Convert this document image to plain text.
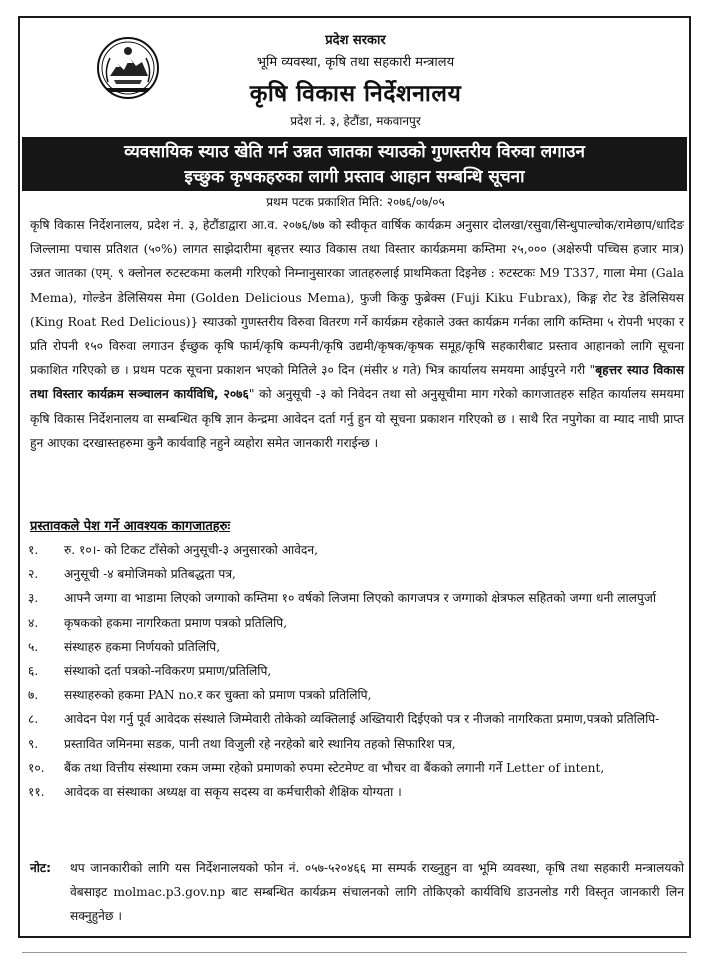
प्रदेश सरकार
भूमि व्यवस्था, कृषि तथा सहकारी मन्त्रालय
कृषि विकास निर्देशनालय
प्रदेश नं. ३, हेटौंडा, मकवानपुर
व्यवसायिक स्याउ खेति गर्न उन्नत जातका स्याउको गुणस्तरीय विरुवा लगाउन
इच्छुक कृषकहरुका लागी प्रस्ताव आहान सम्बन्धि सूचना
प्रथम पटक प्रकाशित मिति: २०७६/०७/०५
कृषि विकास निर्देशनालय, प्रदेश नं. ३, हेटौंडाद्वारा आ.व. २०७६/७७ को स्वीकृत वार्षिक कार्यक्रम अनुसार दोलखा/रसुवा/सिन्धुपाल्चोक/रामेछाप/धादिङ जिल्लामा पचास प्रतिशत (५०%) लागत साझेदारीमा बृहत्तर स्याउ विकास तथा विस्तार कार्यक्रममा कम्तिमा २५,००० (अक्षेरुपी पच्चिस हजार मात्र) उन्नत जातका (एम्. ९ क्लोनल रुटस्टकमा कलमी गरिएको निम्नानुसारका जातहरुलाई प्राथमिकता दिइनेछ : रुटस्टकः M9 T337, गाला मेमा (Gala Mema), गोल्डेन डेलिसियस मेमा (Golden Delicious Mema), फुजी किकु फुब्रेक्स (Fuji Kiku Fubrax), किङ्ग रोट रेड डेलिसियस (King Roat Red Delicious)} स्याउको गुणस्तरीय विरुवा वितरण गर्ने कार्यक्रम रहेकाले उक्त कार्यक्रम गर्नका लागि कम्तिमा ५ रोपनी भएका र प्रति रोपनी १५० विरुवा लगाउन ईच्छुक कृषि फार्म/कृषि कम्पनी/कृषि उद्यमी/कृषक/कृषक समूह/कृषि सहकारीबाट प्रस्ताव आहानको लागि सूचना प्रकाशित गरिएको छ । प्रथम पटक सूचना प्रकाशन भएको मितिले ३० दिन (मंसीर ४ गते) भित्र कार्यालय समयमा आईपुरने गरी "बृहत्तर स्याउ विकास तथा विस्तार कार्यक्रम सञ्चालन कार्यविधि, २०७६" को अनुसूची -३ को निवेदन तथा सो अनुसूचीमा माग गरेको कागजातहरु सहित कार्यालय समयमा कृषि विकास निर्देशनालय वा सम्बन्धित कृषि ज्ञान केन्द्रमा आवेदन दर्ता गर्नु हुन यो सूचना प्रकाशन गरिएको छ । साथै रित नपुगेका वा म्याद नाघी प्राप्त हुन आएका दरखास्तहरुमा कुनै कार्यवाहि नहुने व्यहोरा समेत जानकारी गराईन्छ ।
प्रस्तावकले पेश गर्ने आवश्यक कागजातहरुः
१.	रु. १०।- को टिकट टाँसेको अनुसूची-३ अनुसारको आवेदन,
२.	अनुसूची -४ बमोजिमको प्रतिबद्धता पत्र,
३.	आफ्नै जग्गा वा भाडामा लिएको जग्गाको कम्तिमा १० वर्षको लिजमा लिएको कागजपत्र र जग्गाको क्षेत्रफल सहितको जग्गा धनी लालपुर्जा
४.	कृषकको हकमा नागरिकता प्रमाण पत्रको प्रतिलिपि,
५.	संस्थाहरु हकमा निर्णयको प्रतिलिपि,
६.	संस्थाको दर्ता पत्रको-नविकरण प्रमाण/प्रतिलिपि,
७.	सस्थाहरुको हकमा PAN no.र कर चुक्ता को प्रमाण पत्रको प्रतिलिपि,
८.	आवेदन पेश गर्नु पूर्व आवेदक संस्थाले जिम्मेवारी तोकेको व्यक्तिलाई अख्तियारी दिईएको पत्र र नीजको नागरिकता प्रमाण,पत्रको प्रतिलिपि-
९.	प्रस्तावित जमिनमा सडक, पानी तथा विजुली रहे नरहेको बारे स्थानिय तहको सिफारिश पत्र,
१०.	बैंक तथा वित्तीय संस्थामा रकम जम्मा रहेको प्रमाणको रुपमा स्टेटमेण्ट वा भौचर वा बैंकको लगानी गर्ने Letter of intent,
११.	आवेदक वा संस्थाका अध्यक्ष वा सकृय सदस्य वा कर्मचारीको शैक्षिक योग्यता ।
नोट:	थप जानकारीको लागि यस निर्देशनालयको फोन नं. ०५७-५२०४६६ मा सम्पर्क राख्नुहुन वा भूमि व्यवस्था, कृषि तथा सहकारी मन्त्रालयको वेबसाइट molmac.p3.gov.np बाट सम्बन्धित कार्यक्रम संचालनको लागि तोकिएको कार्यविधि डाउनलोड गरी विस्तृत जानकारी लिन सक्नुहुनेछ ।
